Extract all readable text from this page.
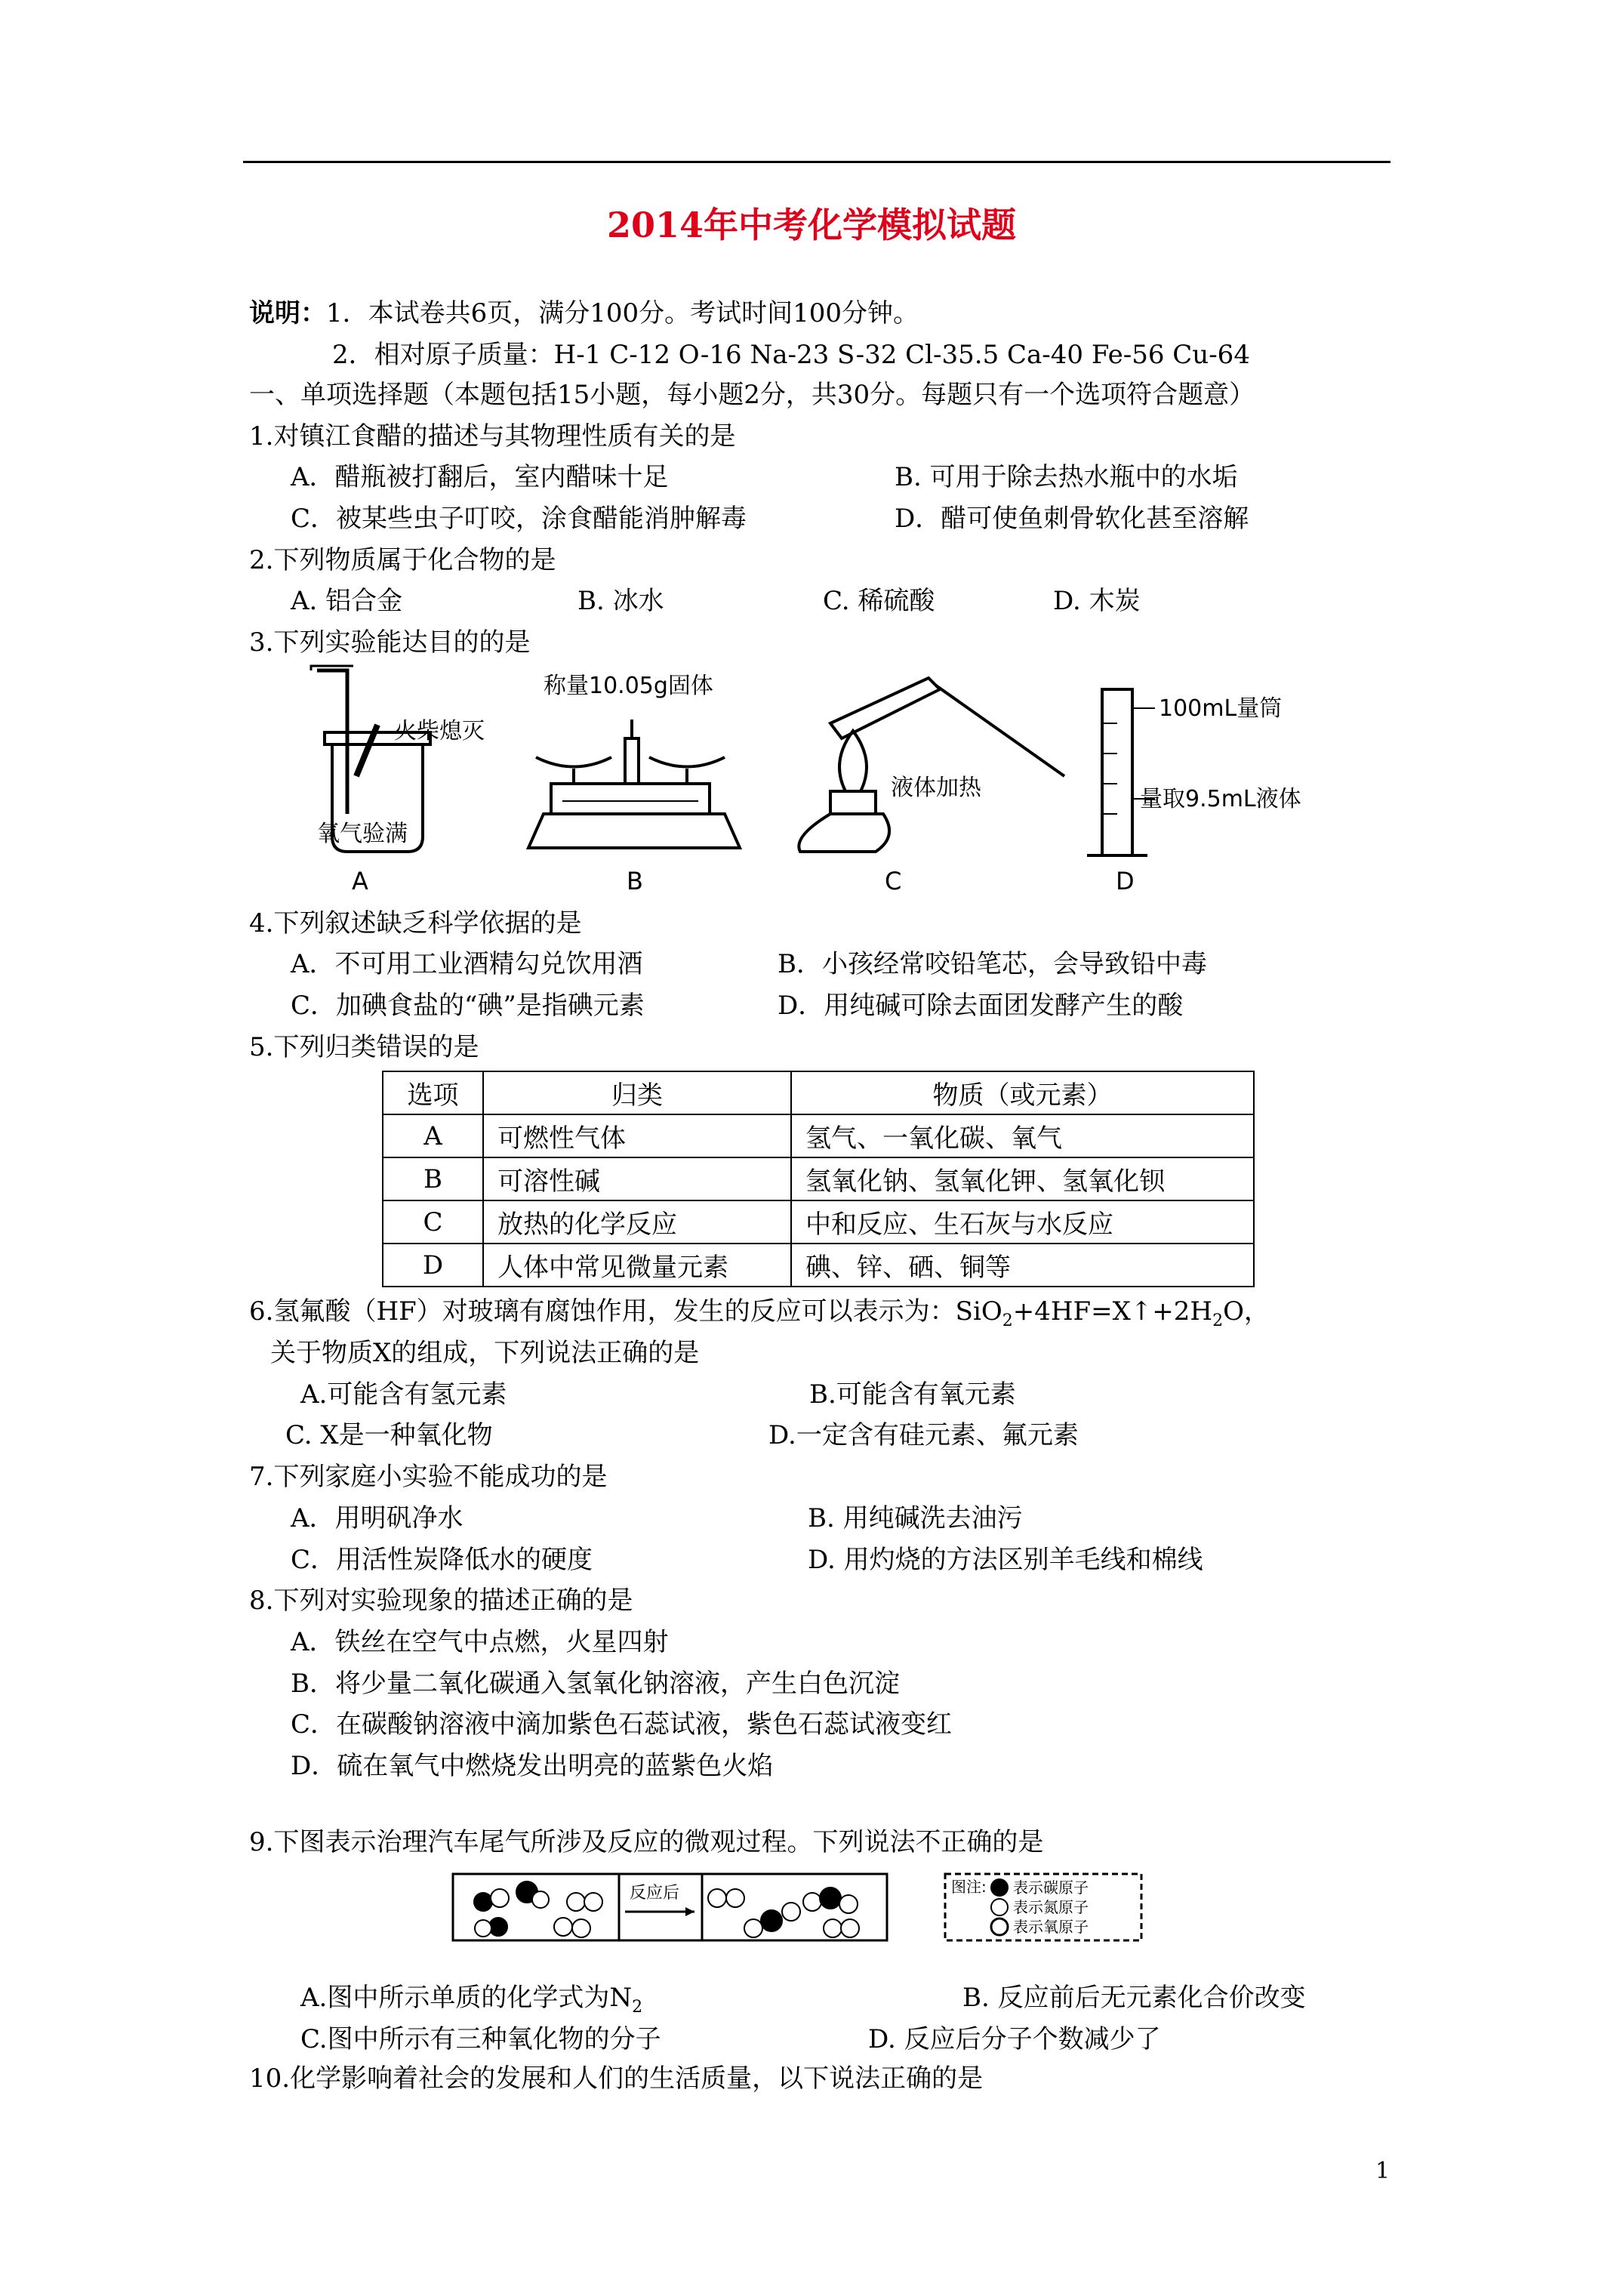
2014年中考化学模拟试题
说明：1．本试卷共6页，满分100分。考试时间100分钟。
2．相对原子质量：H-1 C-12 O-16 Na-23 S-32 Cl-35.5 Ca-40 Fe-56 Cu-64
一、单项选择题（本题包括15小题，每小题2分，共30分。每题只有一个选项符合题意）
1.对镇江食醋的描述与其物理性质有关的是
A．醋瓶被打翻后，室内醋味十足	B. 可用于除去热水瓶中的水垢
C．被某些虫子叮咬，涂食醋能消肿解毒	D．醋可使鱼刺骨软化甚至溶解
2.下列物质属于化合物的是
A. 铝合金	B. 冰水	C. 稀硫酸	D. 木炭
3.下列实验能达目的的是
火柴熄灭
氧气验满
A
称量10.05g固体
B
液体加热
C
100mL量筒
量取9.5mL液体
D
4.下列叙述缺乏科学依据的是
A．不可用工业酒精勾兑饮用酒	B．小孩经常咬铅笔芯，会导致铅中毒
C．加碘食盐的“碘”是指碘元素	D．用纯碱可除去面团发酵产生的酸
5.下列归类错误的是
选项	归类	物质（或元素）
A	可燃性气体	氢气、一氧化碳、氧气
B	可溶性碱	氢氧化钠、氢氧化钾、氢氧化钡
C	放热的化学反应	中和反应、生石灰与水反应
D	人体中常见微量元素	碘、锌、硒、铜等
6.氢氟酸（HF）对玻璃有腐蚀作用，发生的反应可以表示为：$SiO_2+4HF=X↑+2H_2O$，
关于物质X的组成，下列说法正确的是
A.可能含有氢元素	B.可能含有氧元素
C. X是一种氧化物	D.一定含有硅元素、氟元素
7.下列家庭小实验不能成功的是
A．用明矾净水	B. 用纯碱洗去油污
C．用活性炭降低水的硬度	D. 用灼烧的方法区别羊毛线和棉线
8.下列对实验现象的描述正确的是
A．铁丝在空气中点燃，火星四射
B．将少量二氧化碳通入氢氧化钠溶液，产生白色沉淀
C．在碳酸钠溶液中滴加紫色石蕊试液，紫色石蕊试液变红
D．硫在氧气中燃烧发出明亮的蓝紫色火焰
9.下图表示治理汽车尾气所涉及反应的微观过程。下列说法不正确的是
反应后	图注: 表示碳原子
表示氮原子
表示氧原子
A.图中所示单质的化学式为$N_2$	B. 反应前后无元素化合价改变
C.图中所示有三种氧化物的分子	D. 反应后分子个数减少了
10.化学影响着社会的发展和人们的生活质量，以下说法正确的是
1
